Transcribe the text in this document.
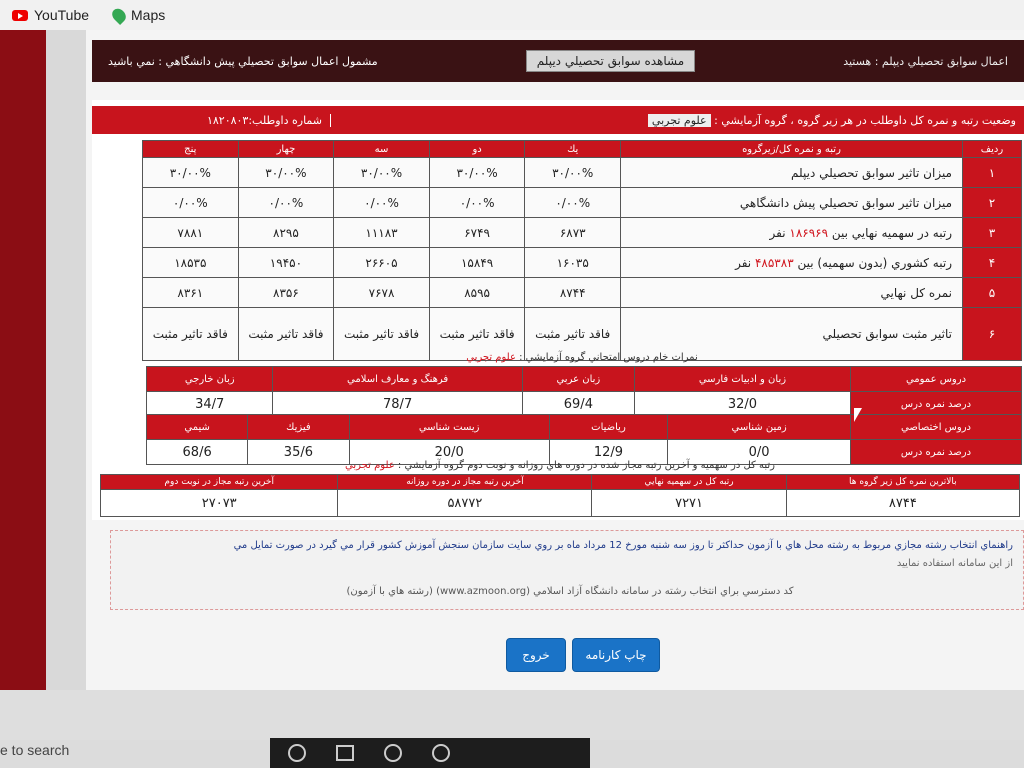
YouTube	Maps
اعمال سوابق تحصيلي ديپلم : هستيد
مشاهده سوابق تحصيلي ديپلم
مشمول اعمال سوابق تحصيلي پيش دانشگاهي : نمي باشيد
وضعيت رتبه و نمره كل داوطلب در هر زير گروه ، گروه آزمايشي : علوم تجربي
شماره داوطلب:۱۸۲۰۸۰۳
رديف	رتبه و نمره كل/زيرگروه	يك	دو	سه	چهار	پنج
۱	ميزان تاثير سوابق تحصيلي ديپلم	۳۰/۰۰%	۳۰/۰۰%	۳۰/۰۰%	۳۰/۰۰%	۳۰/۰۰%
۲	ميزان تاثير سوابق تحصيلي پيش دانشگاهي	۰/۰۰%	۰/۰۰%	۰/۰۰%	۰/۰۰%	۰/۰۰%
۳	رتبه در سهميه نهايي بين ۱۸۶۹۶۹ نفر	۶۸۷۳	۶۷۴۹	۱۱۱۸۳	۸۲۹۵	۷۸۸۱
۴	رتبه كشوري (بدون سهميه) بين ۴۸۵۳۸۳ نفر	۱۶۰۳۵	۱۵۸۴۹	۲۶۶۰۵	۱۹۴۵۰	۱۸۵۳۵
۵	نمره كل نهايي	۸۷۴۴	۸۵۹۵	۷۶۷۸	۸۳۵۶	۸۳۶۱
۶	تاثير مثبت سوابق تحصيلي	فاقد تاثير مثبت	فاقد تاثير مثبت	فاقد تاثير مثبت	فاقد تاثير مثبت	فاقد تاثير مثبت
نمرات خام دروس امتحاني گروه آزمايشي : علوم تجربي
دروس عمومي	زبان و ادبيات فارسي	زبان عربي	فرهنگ و معارف اسلامي	زبان خارجي
درصد نمره درس	32/0	69/4	78/7	34/7
دروس اختصاصي	زمين شناسي	رياضيات	زيست شناسي	فيزيك	شيمي
درصد نمره درس	0/0	12/9	20/0	35/6	68/6
رتبه كل در سهميه و آخرين رتبه مجاز شده در دوره هاي روزانه و نوبت دوم گروه آزمايشي : علوم تجربي
بالاترين نمره كل زير گروه ها	رتبه كل در سهميه نهايي	آخرين رتبه مجاز در دوره روزانه	آخرين رتبه مجاز در نوبت دوم
۸۷۴۴	۷۲۷۱	۵۸۷۷۲	۲۷۰۷۳
راهنماي انتخاب رشته مجازي مربوط به رشته محل هاي با آزمون حداكثر تا روز سه شنبه مورخ 12 مرداد ماه بر روي سايت سازمان سنجش آموزش كشور قرار مي گيرد در صورت تمايل مي
از اين سامانه استفاده نماييد
كد دسترسي براي انتخاب رشته در سامانه دانشگاه آزاد اسلامي (www.azmoon.org) (رشته هاي با آزمون)
چاپ كارنامه
خروج
e to search
